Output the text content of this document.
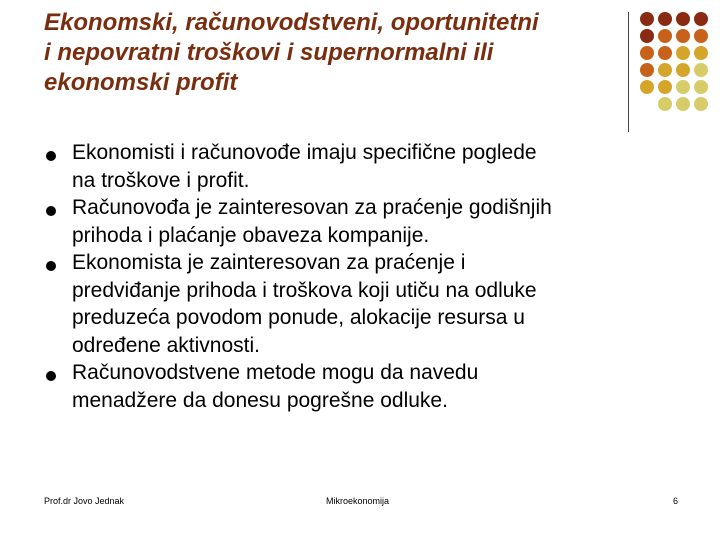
Ekonomski, računovodstveni, oportunitetni
i nepovratni troškovi i supernormalni ili
ekonomski profit
Ekonomisti i računovođe imaju specifične poglede
na troškove i profit.
Računovođa je zainteresovan za praćenje godišnjih
prihoda i plaćanje obaveza kompanije.
Ekonomista je zainteresovan za praćenje i
predviđanje prihoda i troškova koji utiču na odluke
preduzeća povodom ponude, alokacije resursa u
određene aktivnosti.
Računovodstvene metode mogu da navedu
menadžere da donesu pogrešne odluke.
Prof.dr Jovo Jednak	Mikroekonomija	6
